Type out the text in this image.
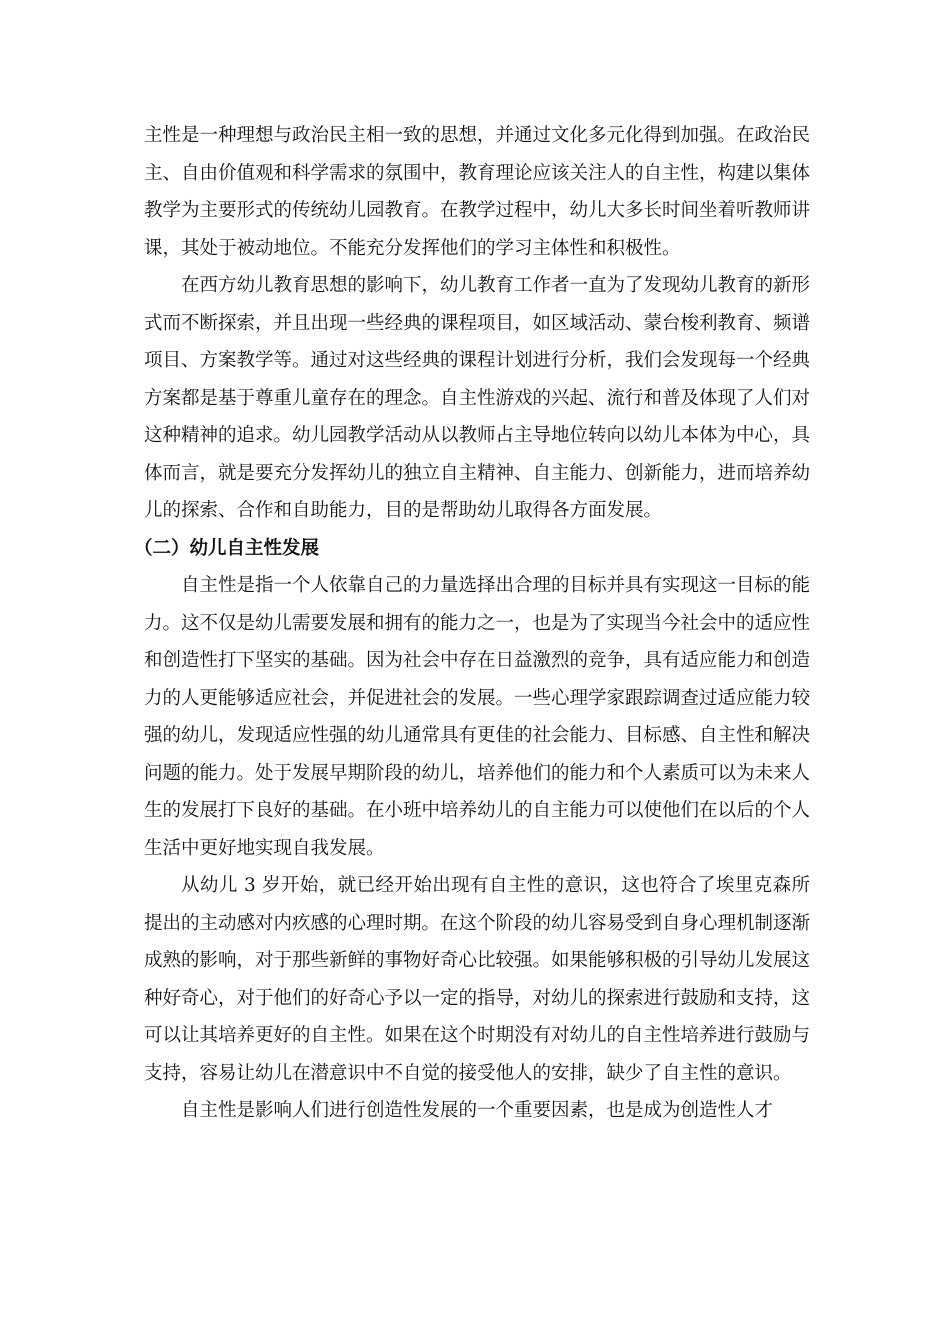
主性是一种理想与政治民主相一致的思想，并通过文化多元化得到加强。在政治民主、自由价值观和科学需求的氛围中，教育理论应该关注人的自主性，构建以集体教学为主要形式的传统幼儿园教育。在教学过程中，幼儿大多长时间坐着听教师讲课，其处于被动地位。不能充分发挥他们的学习主体性和积极性。

在西方幼儿教育思想的影响下，幼儿教育工作者一直为了发现幼儿教育的新形式而不断探索，并且出现一些经典的课程项目，如区域活动、蒙台梭利教育、频谱项目、方案教学等。通过对这些经典的课程计划进行分析，我们会发现每一个经典方案都是基于尊重儿童存在的理念。自主性游戏的兴起、流行和普及体现了人们对这种精神的追求。幼儿园教学活动从以教师占主导地位转向以幼儿本体为中心，具体而言，就是要充分发挥幼儿的独立自主精神、自主能力、创新能力，进而培养幼儿的探索、合作和自助能力，目的是帮助幼儿取得各方面发展。

（二）幼儿自主性发展

自主性是指一个人依靠自己的力量选择出合理的目标并具有实现这一目标的能力。这不仅是幼儿需要发展和拥有的能力之一，也是为了实现当今社会中的适应性和创造性打下坚实的基础。因为社会中存在日益激烈的竞争，具有适应能力和创造力的人更能够适应社会，并促进社会的发展。一些心理学家跟踪调查过适应能力较强的幼儿，发现适应性强的幼儿通常具有更佳的社会能力、目标感、自主性和解决问题的能力。处于发展早期阶段的幼儿，培养他们的能力和个人素质可以为未来人生的发展打下良好的基础。在小班中培养幼儿的自主能力可以使他们在以后的个人生活中更好地实现自我发展。

从幼儿 3 岁开始，就已经开始出现有自主性的意识，这也符合了埃里克森所提出的主动感对内疚感的心理时期。在这个阶段的幼儿容易受到自身心理机制逐渐成熟的影响，对于那些新鲜的事物好奇心比较强。如果能够积极的引导幼儿发展这种好奇心，对于他们的好奇心予以一定的指导，对幼儿的探索进行鼓励和支持，这可以让其培养更好的自主性。如果在这个时期没有对幼儿的自主性培养进行鼓励与支持，容易让幼儿在潜意识中不自觉的接受他人的安排，缺少了自主性的意识。

自主性是影响人们进行创造性发展的一个重要因素，也是成为创造性人才
